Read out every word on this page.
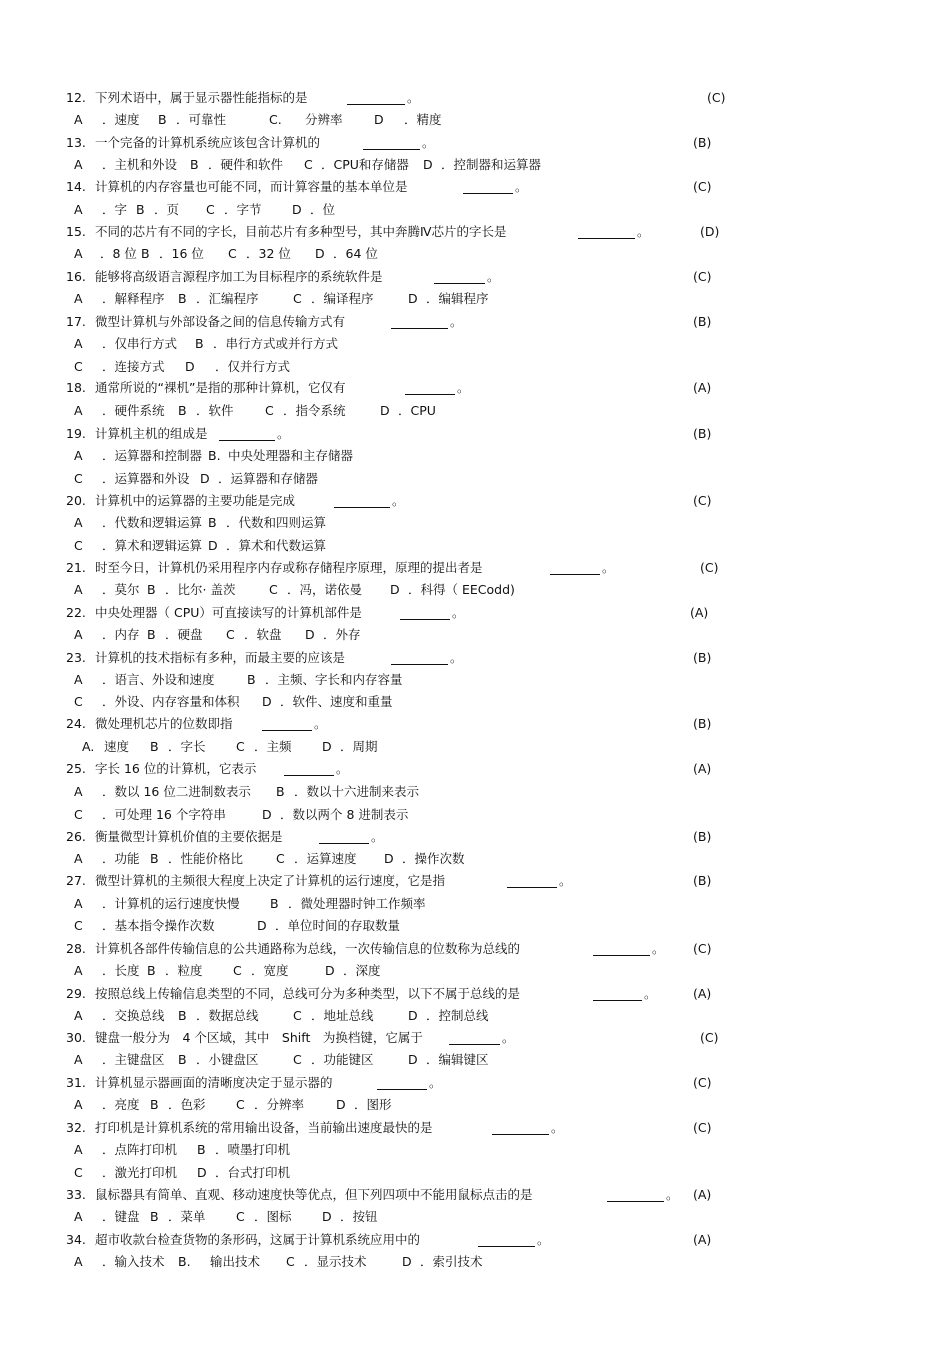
12. 下列术语中，属于显示器性能指标的是	。	(C)
A ．速度 B ．可靠性	C. 分辨率	D ．精度
13. 一个完备的计算机系统应该包含计算机的	。	(B)
A ．主机和外设 B ．硬件和软件 C ．CPU和存储器 D ．控制器和运算器
14. 计算机的内存容量也可能不同，而计算容量的基本单位是	。	(C)
A ．字 B ．页 C ．字节 D ．位
15. 不同的芯片有不同的字长，目前芯片有多种型号，其中奔腾Ⅳ芯片的字长是	。	(D)
A ．8 位 B ．16 位 C ．32 位 D ．64 位
16. 能够将高级语言源程序加工为目标程序的系统软件是	。	(C)
A ．解释程序 B ．汇编程序	C ．编译程序	D ．编辑程序
17. 微型计算机与外部设备之间的信息传输方式有	。	(B)
A ．仅串行方式 B ．串行方式或并行方式
C ．连接方式 D ．仅并行方式
18. 通常所说的“裸机”是指的那种计算机，它仅有	。	(A)
A ．硬件系统 B ．软件	C ．指令系统	D ．CPU
19. 计算机主机的组成是	。	(B)
A ．运算器和控制器 B. 中央处理器和主存储器
C ．运算器和外设 D ．运算器和存储器
20. 计算机中的运算器的主要功能是完成	。	(C)
A ．代数和逻辑运算 B ．代数和四则运算
C ．算术和逻辑运算 D ．算术和代数运算
21. 时至今日，计算机仍采用程序内存或称存储程序原理，原理的提出者是	。	(C)
A ．莫尔 B ．比尔· 盖茨	C ．冯，诺依曼 D ．科得（ EECodd)
22. 中央处理器（ CPU）可直接读写的计算机部件是	。	(A)
A ．内存 B ．硬盘 C ．软盘 D ．外存
23. 计算机的技术指标有多种，而最主要的应该是	。	(B)
A ．语言、外设和速度	B ．主频、字长和内存容量
C ．外设、内存容量和体积 D ．软件、速度和重量
24. 微处理机芯片的位数即指	。	(B)
A. 速度 B ．字长 C ．主频 D ．周期
25. 字长 16 位的计算机，它表示	。	(A)
A ．数以 16 位二进制数表示 B ．数以十六进制来表示
C ．可处理 16 个字符串	D ．数以两个 8 进制表示
26. 衡量微型计算机价值的主要依据是	。	(B)
A ．功能 B ．性能价格比	C ．运算速度 D ．操作次数
27. 微型计算机的主频很大程度上决定了计算机的运行速度，它是指	。	(B)
A ．计算机的运行速度快慢 B ．微处理器时钟工作频率
C ．基本指令操作次数	D ．单位时间的存取数量
28. 计算机各部件传输信息的公共通路称为总线，一次传输信息的位数称为总线的	。 (C)
A ．长度 B ．粒度 C ．宽度	D ．深度
29. 按照总线上传输信息类型的不同，总线可分为多种类型，以下不属于总线的是	。	(A)
A ．交换总线 B ．数据总线	C ．地址总线	D ．控制总线
30. 键盘一般分为　4 个区域，其中　Shift　为换档键，它属于	。	(C)
A ．主键盘区 B ．小键盘区	C ．功能键区	D ．编辑键区
31. 计算机显示器画面的清晰度决定于显示器的	。	(C)
A ．亮度 B ．色彩 C ．分辨率	D ．图形
32. 打印机是计算机系统的常用输出设备，当前输出速度最快的是	。	(C)
A ．点阵打印机 B ．喷墨打印机
C ．激光打印机 D ．台式打印机
33. 鼠标器具有简单、直观、移动速度快等优点，但下列四项中不能用鼠标点击的是	。 (A)
A ．键盘 B ．菜单 C ．图标 D ．按钮
34. 超市收款台检查货物的条形码，这属于计算机系统应用中的	。	(A)
A ．输入技术 B. 输出技术 C ．显示技术	D ．索引技术
